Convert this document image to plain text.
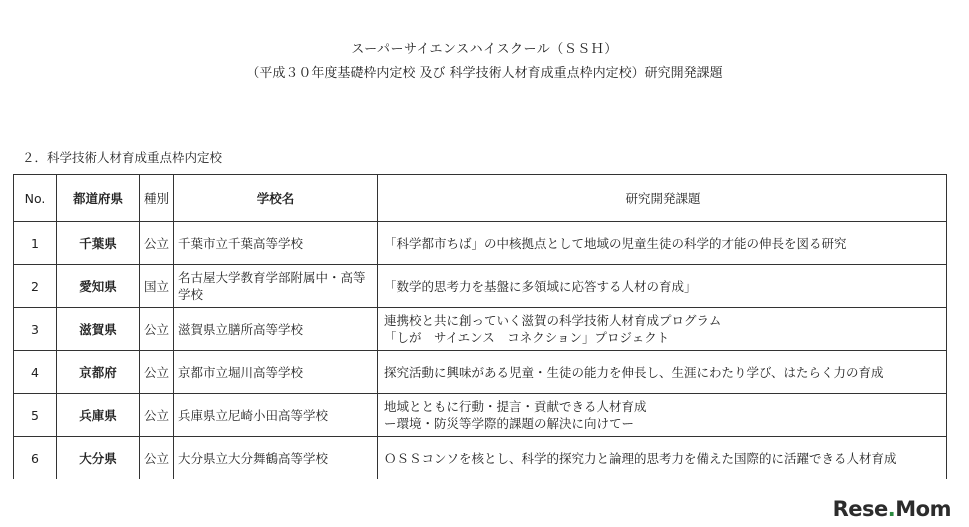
スーパーサイエンスハイスクール（ＳＳＨ）
（平成３０年度基礎枠内定校 及び 科学技術人材育成重点枠内定校）研究開発課題
２．科学技術人材育成重点枠内定校
No.	都道府県	種別	学校名	研究開発課題
1	千葉県	公立	千葉市立千葉高等学校	「科学都市ちば」の中核拠点として地域の児童生徒の科学的才能の伸長を図る研究

2	愛知県	国立	名古屋大学教育学部附属中・高等学校	「数学的思考力を基盤に多領域に応答する人材の育成」

3	滋賀県	公立	滋賀県立膳所高等学校	連携校と共に創っていく滋賀の科学技術人材育成プログラム
「しが　サイエンス　コネクション」プロジェクト

4	京都府	公立	京都市立堀川高等学校	探究活動に興味がある児童・生徒の能力を伸長し、生涯にわたり学び、はたらく力の育成

5	兵庫県	公立	兵庫県立尼崎小田高等学校	地域とともに行動・提言・貢献できる人材育成
ー環境・防災等学際的課題の解決に向けてー

6	大分県	公立	大分県立大分舞鶴高等学校	ＯＳＳコンソを核とし、科学的探究力と論理的思考力を備えた国際的に活躍できる人材育成
Rese.Mom
